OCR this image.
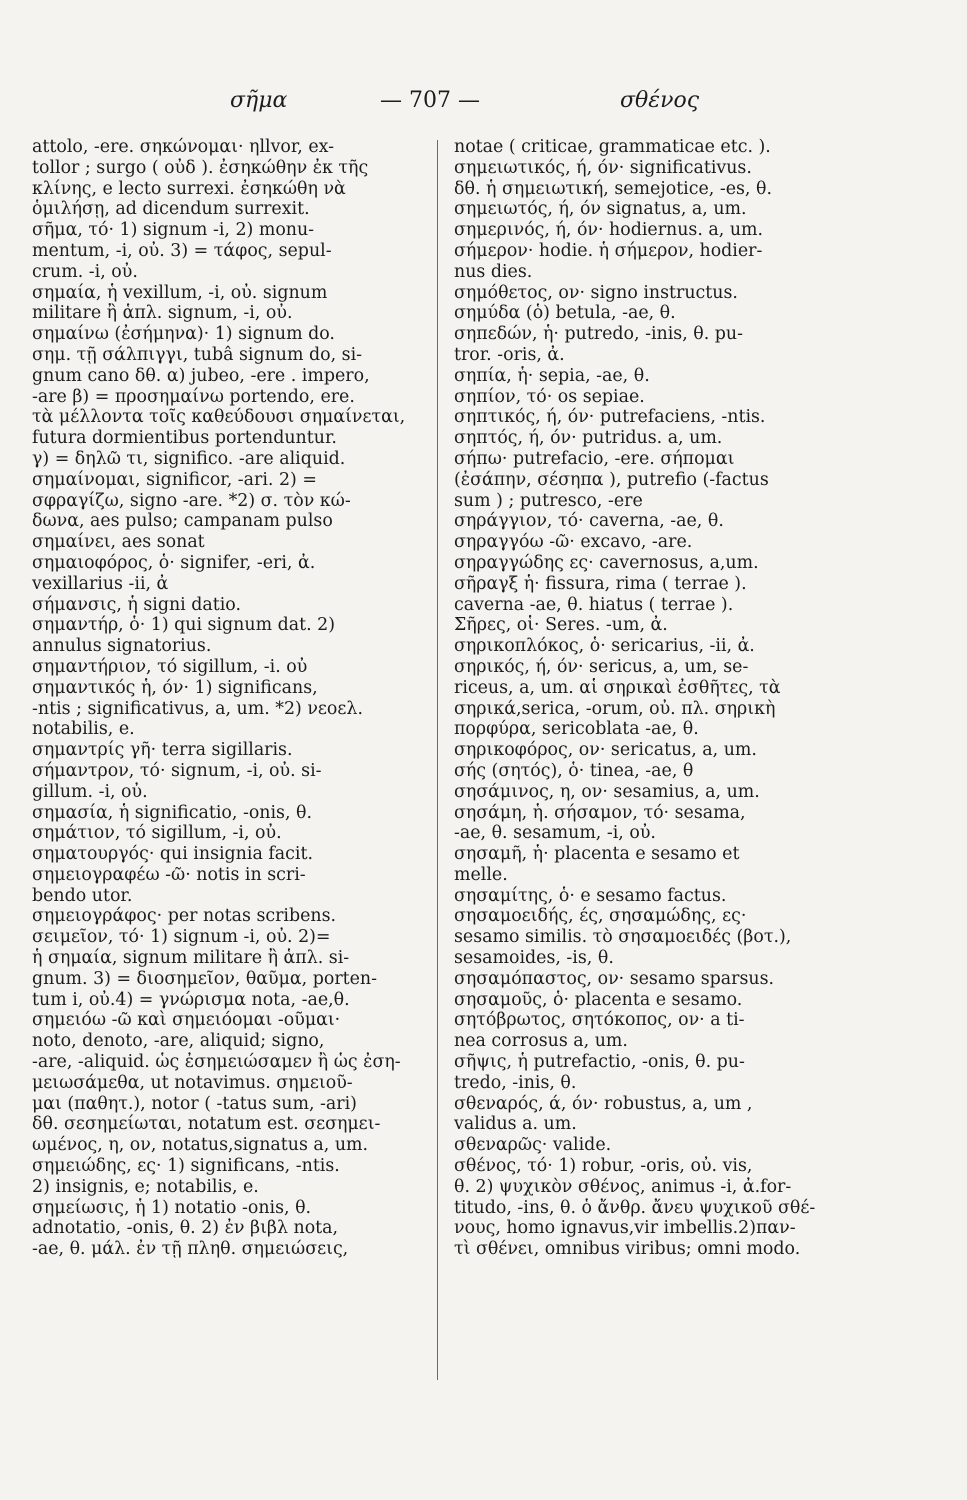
σῆμα	— 707 —	σθένος
attolo, -ere. σηκώνομαι· ηllvor, ex-
tollor ; surgo ( οὐδ ). ἐσηκώθην ἐκ τῆς
κλίνης, e lecto surrexi. ἐσηκώθη νὰ
ὁμιλήσῃ, ad dicendum surrexit.
σῆμα, τό· 1) signum -i, 2) monu-
mentum, -i, οὐ. 3) = τάφος, sepul-
crum. -i, οὐ.
σημαία, ἡ vexillum, -i, οὐ. signum
militare ἢ ἁπλ. signum, -i, οὐ.
σημαίνω (ἐσήμηνα)· 1) signum do.
σημ. τῇ σάλπιγγι, tubâ signum do, si-
gnum cano δθ. α) jubeo, -ere . impero,
-are β) = προσημαίνω portendo, ere.
τὰ μέλλοντα τοῖς καθεύδουσι σημαίνεται,
futura dormientibus portenduntur.
γ) = δηλῶ τι, significo. -are aliquid.
σημαίνομαι, significor, -ari. 2) =
σφραγίζω, signo -are. *2) σ. τὸν κώ-
δωνα, aes pulso; campanam pulso
σημαίνει, aes sonat
σημαιοφόρος, ὁ· signifer, -eri, ἀ.
vexillarius -ii, ἀ
σήμανσις, ἡ signi datio.
σημαντήρ, ὁ· 1) qui signum dat. 2)
annulus signatorius.
σημαντήριον, τό sigillum, -i. οὐ
σημαντικός ἡ, όν· 1) significans,
-ntis ; significativus, a, um. *2) νεοελ.
notabilis, e.
σημαντρίς γῆ· terra sigillaris.
σήμαντρον, τό· signum, -i, οὐ. si-
gillum. -i, οὐ.
σημασία, ἡ significatio, -onis, θ.
σημάτιον, τό sigillum, -i, οὐ.
σηματουργός· qui insignia facit.
σημειογραφέω -ῶ· notis in scri-
bendo utor.
σημειογράφος· per notas scribens.
σειμεῖον, τό· 1) signum -i, οὐ. 2)=
ἡ σημαία, signum militare ἢ ἁπλ. si-
gnum. 3) = διοσημεῖον, θαῦμα, porten-
tum i, οὐ.4) = γνώρισμα nota, -ae,θ.
σημειόω -ῶ καὶ σημειόομαι -οῦμαι·
noto, denoto, -are, aliquid; signo,
-are, -aliquid. ὡς ἐσημειώσαμεν ἢ ὡς ἐση-
μειωσάμεθα, ut notavimus. σημειοῦ-
μαι (παθητ.), notor ( -tatus sum, -ari)
δθ. σεσημείωται, notatum est. σεσημει-
ωμένος, η, ον, notatus,signatus a, um.
σημειώδης, ες· 1) significans, -ntis.
2) insignis, e; notabilis, e.
σημείωσις, ἡ 1) notatio -onis, θ.
adnotatio, -onis, θ. 2) ἐν βιβλ nota,
-ae, θ. μάλ. ἐν τῇ πληθ. σημειώσεις,
notae ( criticae, grammaticae etc. ).
σημειωτικός, ή, όν· significativus.
δθ. ἡ σημειωτική, semejotice, -es, θ.
σημειωτός, ή, όν signatus, a, um.
σημερινός, ή, όν· hodiernus. a, um.
σήμερον· hodie. ἡ σήμερον, hodier-
nus dies.
σημόθετος, ον· signo instructus.
σημύδα (ὁ) betula, -ae, θ.
σηπεδών, ἡ· putredo, -inis, θ. pu-
tror. -oris, ἀ.
σηπία, ἡ· sepia, -ae, θ.
σηπίον, τό· os sepiae.
σηπτικός, ή, όν· putrefaciens, -ntis.
σηπτός, ή, όν· putridus. a, um.
σήπω· putrefacio, -ere. σήπομαι
(ἐσάπην, σέσηπα ), putrefio (-factus
sum ) ; putresco, -ere
σηράγγιον, τό· caverna, -ae, θ.
σηραγγόω -ῶ· excavo, -are.
σηραγγώδης ες· cavernosus, a,um.
σῆραγξ ἡ· fissura, rima ( terrae ).
caverna -ae, θ. hiatus ( terrae ).
Σῆρες, οἱ· Seres. -um, ἀ.
σηρικοπλόκος, ὁ· sericarius, -ii, ἀ.
σηρικός, ή, όν· sericus, a, um, se-
riceus, a, um. αἱ σηρικαὶ ἐσθῆτες, τὰ
σηρικά,serica, -orum, οὐ. πλ. σηρικὴ
πορφύρα, sericoblata -ae, θ.
σηρικοφόρος, ον· sericatus, a, um.
σής (σητός), ὁ· tinea, -ae, θ
σησάμινος, η, ον· sesamius, a, um.
σησάμη, ἡ. σήσαμον, τό· sesama,
-ae, θ. sesamum, -i, οὐ.
σησαμῆ, ἡ· placenta e sesamo et
melle.
σησαμίτης, ὁ· e sesamo factus.
σησαμοειδής, ές, σησαμώδης, ες·
sesamo similis. τὸ σησαμοειδές (βοτ.),
sesamoides, -is, θ.
σησαμόπαστος, ον· sesamo sparsus.
σησαμοῦς, ὁ· placenta e sesamo.
σητόβρωτος, σητόκοπος, ον· a ti-
nea corrosus a, um.
σῆψις, ἡ putrefactio, -onis, θ. pu-
tredo, -inis, θ.
σθεναρός, ά, όν· robustus, a, um ,
validus a. um.
σθεναρῶς· valide.
σθένος, τό· 1) robur, -oris, οὐ. vis,
θ. 2) ψυχικὸν σθένος, animus -i, ἀ.for-
titudo, -ins, θ. ὁ ἄνθρ. ἄνευ ψυχικοῦ σθέ-
νους, homo ignavus,vir imbellis.2)παν-
τὶ σθένει, omnibus viribus; omni modo.
